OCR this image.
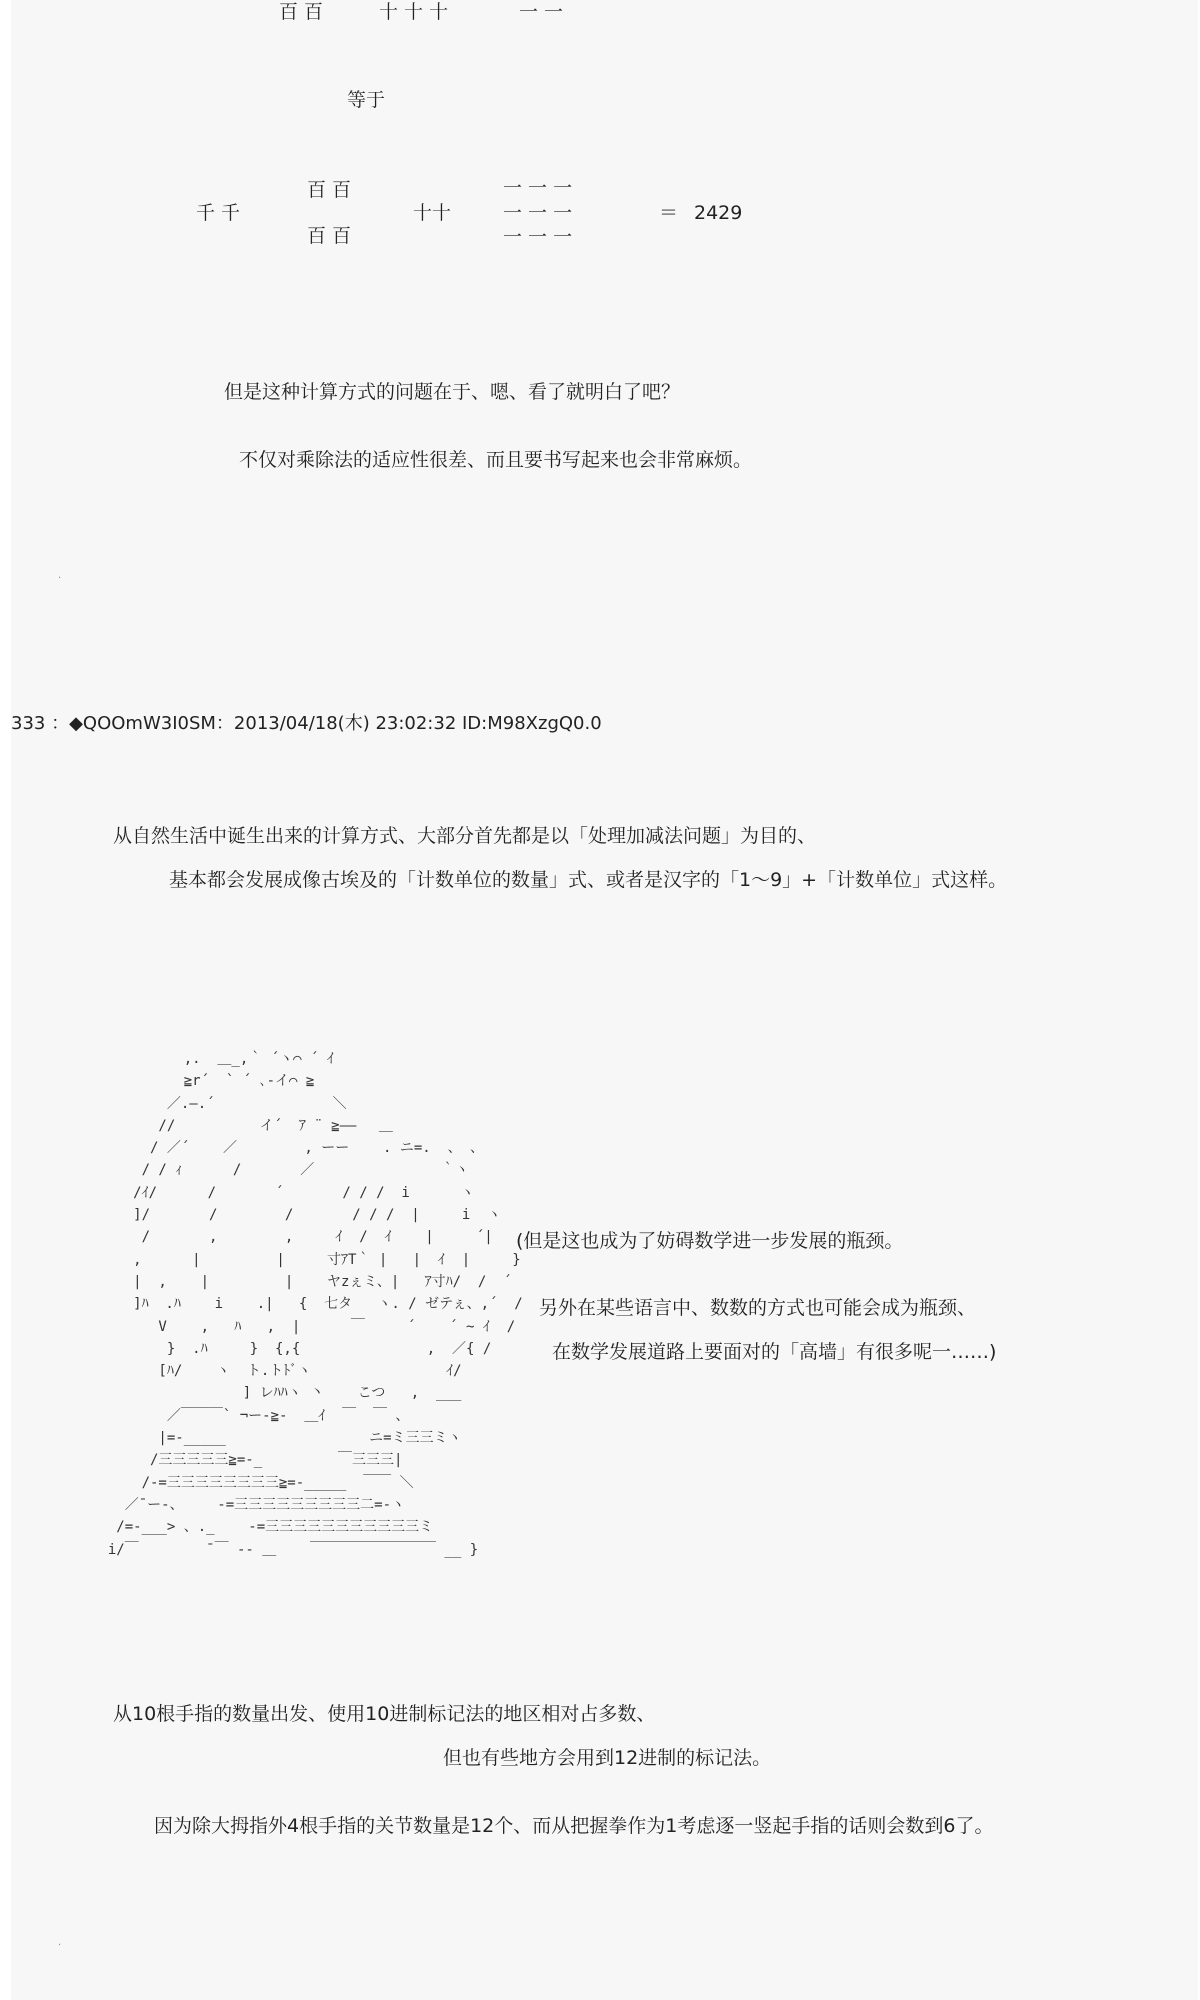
百 百	十 十 十	一 一
等于
百 百	一 一 一
千 千	十十	一 一 一	＝ 2429
百 百	一 一 一
但是这种计算方式的问题在于、嗯、看了就明白了吧？
不仅对乘除法的适应性很差、而且要书写起来也会非常麻烦。
·
333 ：◆QOOmW3I0SM：2013/04/18(木) 23:02:32 ID:M98XzgQ0.0
从自然生活中诞生出来的计算方式、大部分首先都是以「处理加减法问题」为目的、
基本都会发展成像古埃及的「计数单位的数量」式、或者是汉字的「1～9」+「计数单位」式这样。
,.  ＿_,｀ ´ヽ⌒ ´ ｲ
≧r´  ` ´ ､-イ⌒ ≧
／.―.´              ＼
//          イ´  ｱ ¨ ≧―― 　＿
/ ／´    ／        , ーー    . ニ=.  、 、
/ / ｨ      /       ／               ｀ヽ
/ｲ/      /       ´       / / /  i      ヽ
]/       /        /       / / /  |     i  ヽ
/       ,        ,     ｲ  /  ｲ    |     ´|
,      |         |     寸ｱT｀ |   |  ｲ  |     }
|  ,    |         |    ヤzぇミ、|   ｱ寸ﾊ/  /  ´
]ﾊ  .ﾊ    i    .|   {  七タ   ヽ. / ゼテぇ、,´  /
V    ,   ﾊ   ,  |      ￣     ´    ´ ~ ｲ  /
}  .ﾊ     }  {,{               ,  ／{ /
[ﾊ/    ヽ  ト.トﾄﾞヽ                ｲ/
] レﾊﾊヽ 丶    こつ   ,  ___
／￣￣￣` ¬ー-≧-  ＿ｲ  ￣  ￣ 、
|=-_____                 ニ=ミ三三ミヽ
/三三三三三≧=-_         ￣三三三|
/-=三三三三三三三三≧=-_____  ￣￣ ＼
／¯ー-、    -=三三三三三三三三三二=-ヽ
/=-___> 、._    -=三三三三三三三三三三三ミ
i/￣        ¯￣ ‐- ＿    ￣￣￣￣￣￣￣￣￣ __ }
(但是这也成为了妨碍数学进一步发展的瓶颈。
另外在某些语言中、数数的方式也可能会成为瓶颈、
在数学发展道路上要面对的「高墙」有很多呢一……)
从10根手指的数量出发、使用10进制标记法的地区相对占多数、
但也有些地方会用到12进制的标记法。
因为除大拇指外4根手指的关节数量是12个、而从把握拳作为1考虑逐一竖起手指的话则会数到6了。
·
